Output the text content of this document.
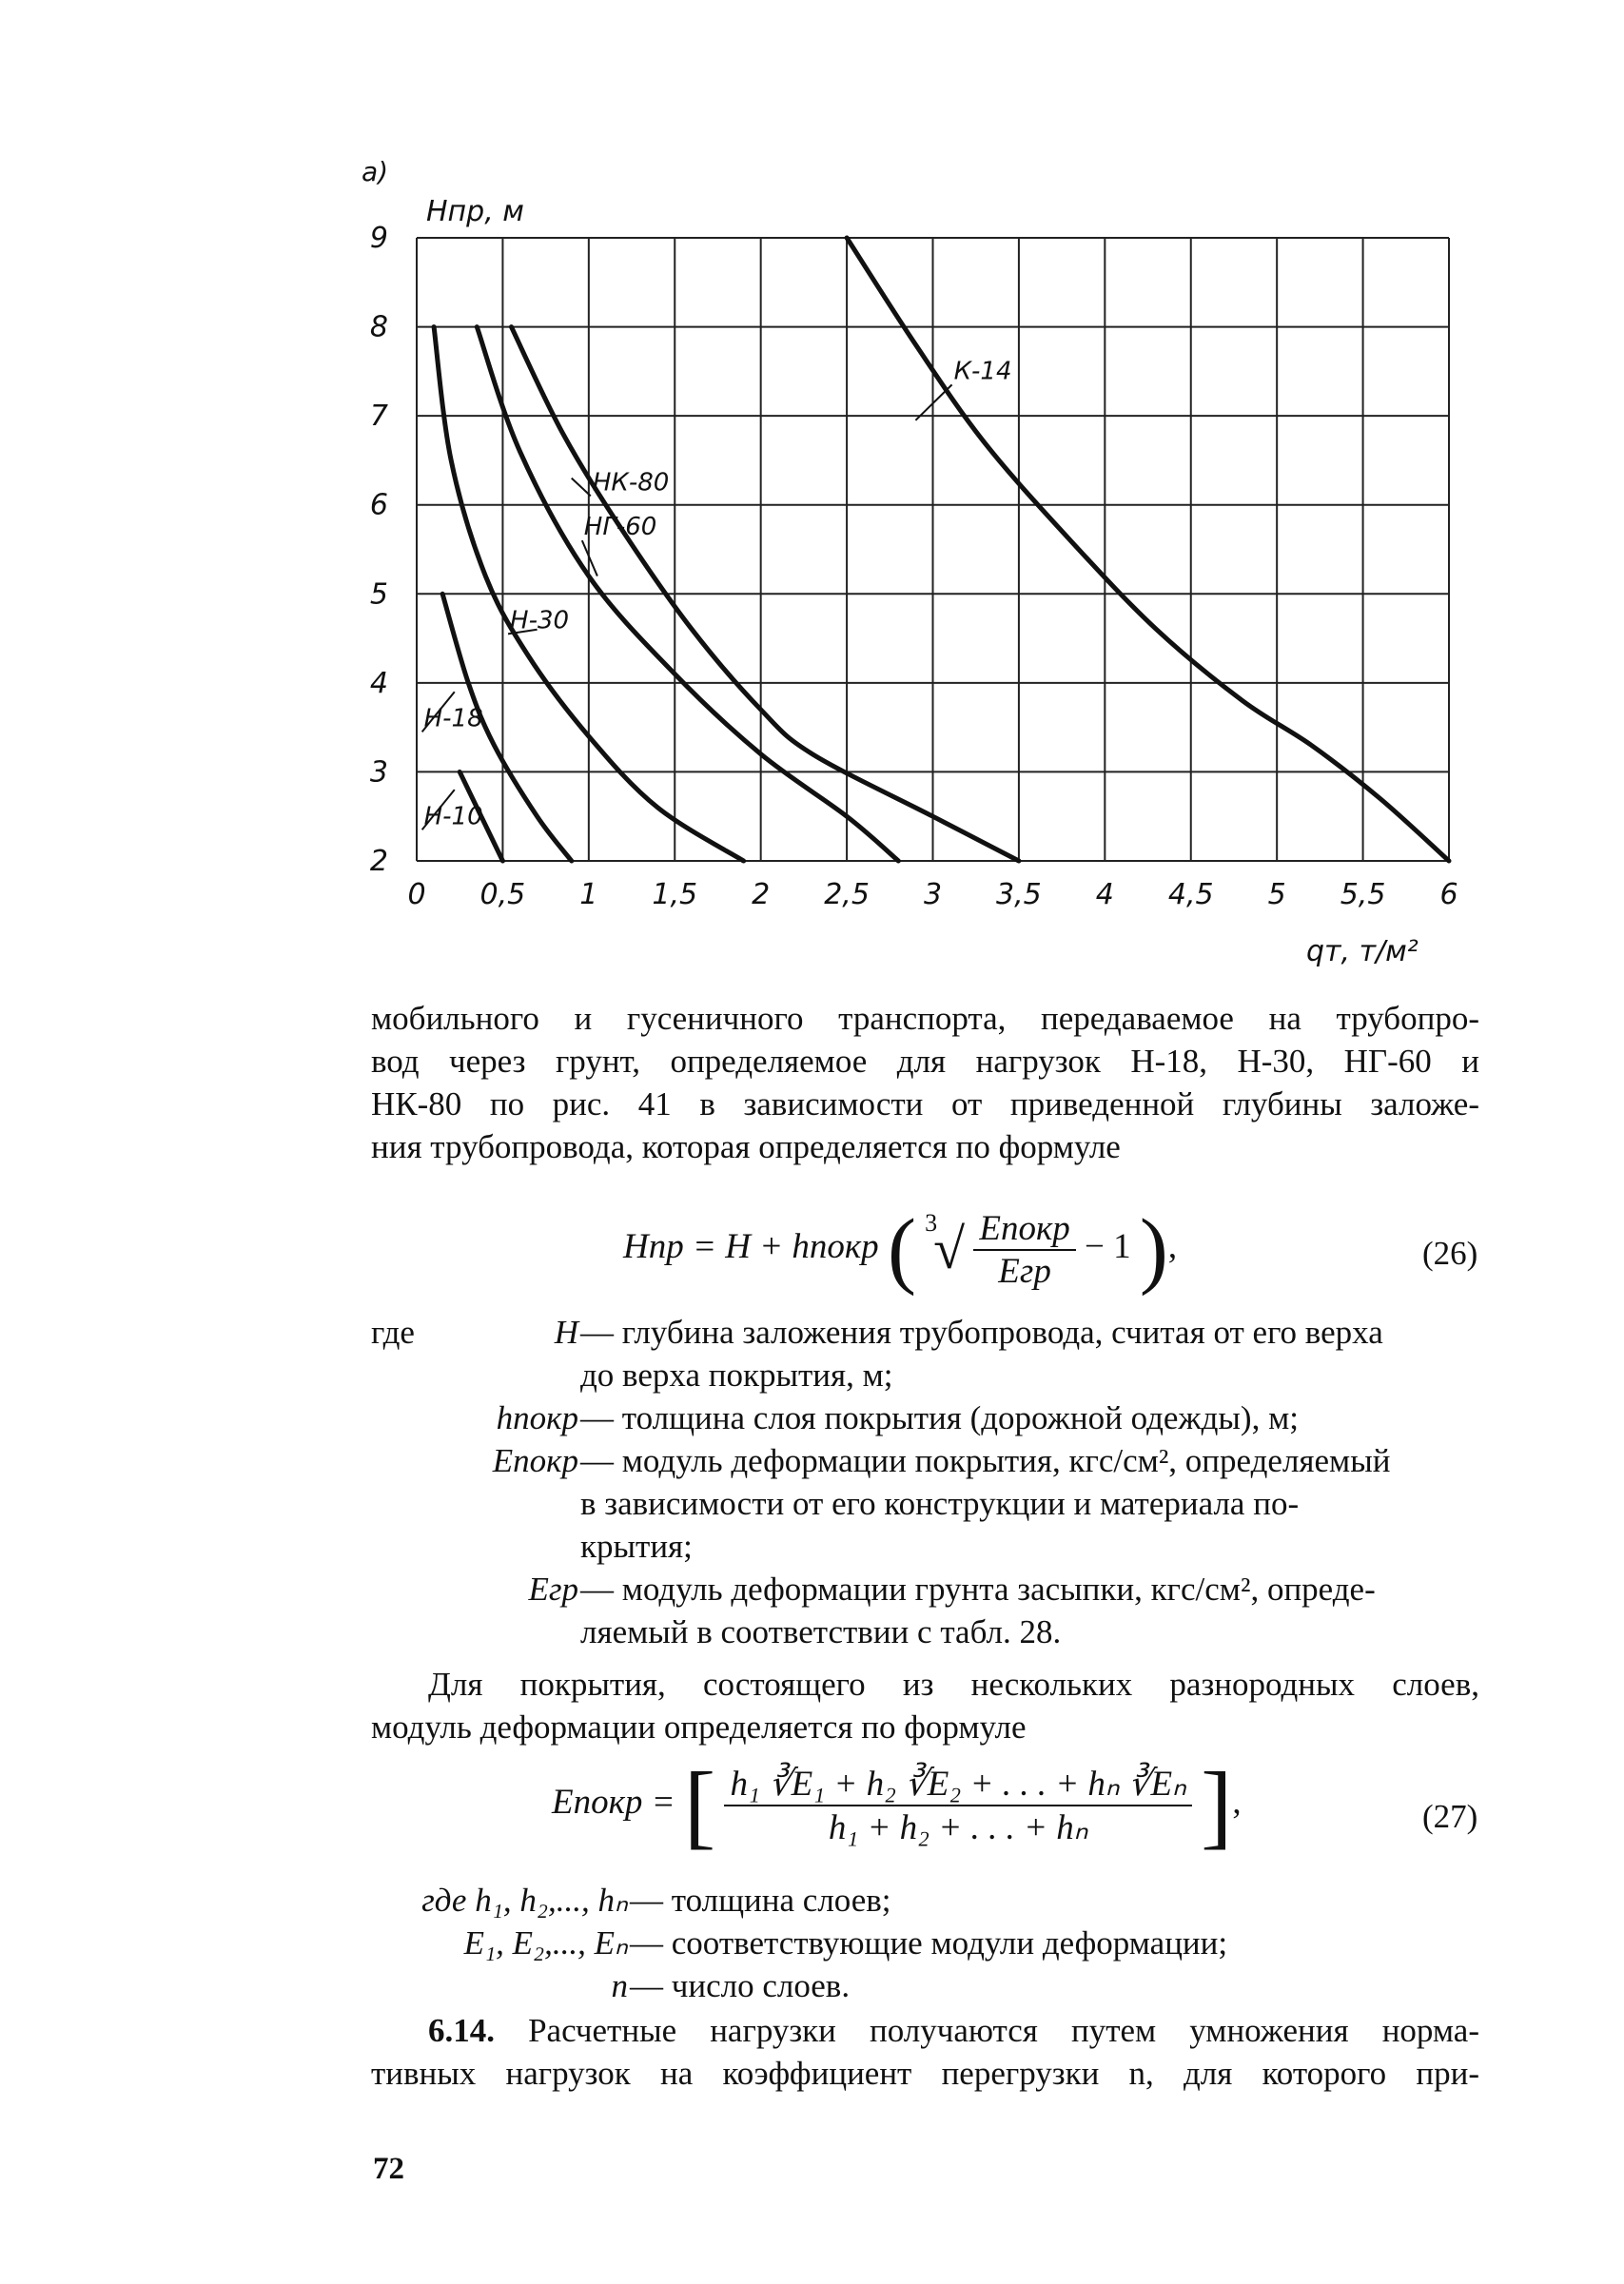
0 0,5 1 1,5 2 2,5 3 3,5 4 4,5 5 5,5 6
2
3
4
5
6
7
8
9
а)
Hпр, м
qт, т/м²
Н-10
Н-18
Н-30
НГ-60
НК-80
К-14
мобильного и гусеничного транспорта, передаваемое на трубопро-
вод через грунт, определяемое для нагрузок Н-18, Н-30, НГ-60 и
НК-80 по рис. 41 в зависимости от приведенной глубины заложе-
ния трубопровода, которая определяется по формуле
Hпр = H + hпокр ( $^3√ \frac{\text{Eпокр}}{\text{Eгр}} - 1$ ),	(26)
где	H — глубина заложения трубопровода, считая от его верха
до верха покрытия, м;
hпокр — толщина слоя покрытия (дорожной одежды), м;
Eпокр — модуль деформации покрытия, кгс/см², определяемый
в зависимости от его конструкции и материала по-
крытия;
Eгр — модуль деформации грунта засыпки, кгс/см², опреде-
ляемый в соответствии с табл. 28.
Для покрытия, состоящего из нескольких разнородных слоев,
модуль деформации определяется по формуле
Eпокр = [ $\frac{\text{h₁ ∛E₁ + h₂ ∛E₂ + . . . + hₙ ∛Eₙ}}{\text{h₁ + h₂ + . . . + hₙ}}$ ],	(27)
где h₁, h₂,..., hₙ — толщина слоев;
E₁, E₂,..., Eₙ — соответствующие модули деформации;
n — число слоев.
6.14. Расчетные нагрузки получаются путем умножения норма-
тивных нагрузок на коэффициент перегрузки n, для которого при-
72
